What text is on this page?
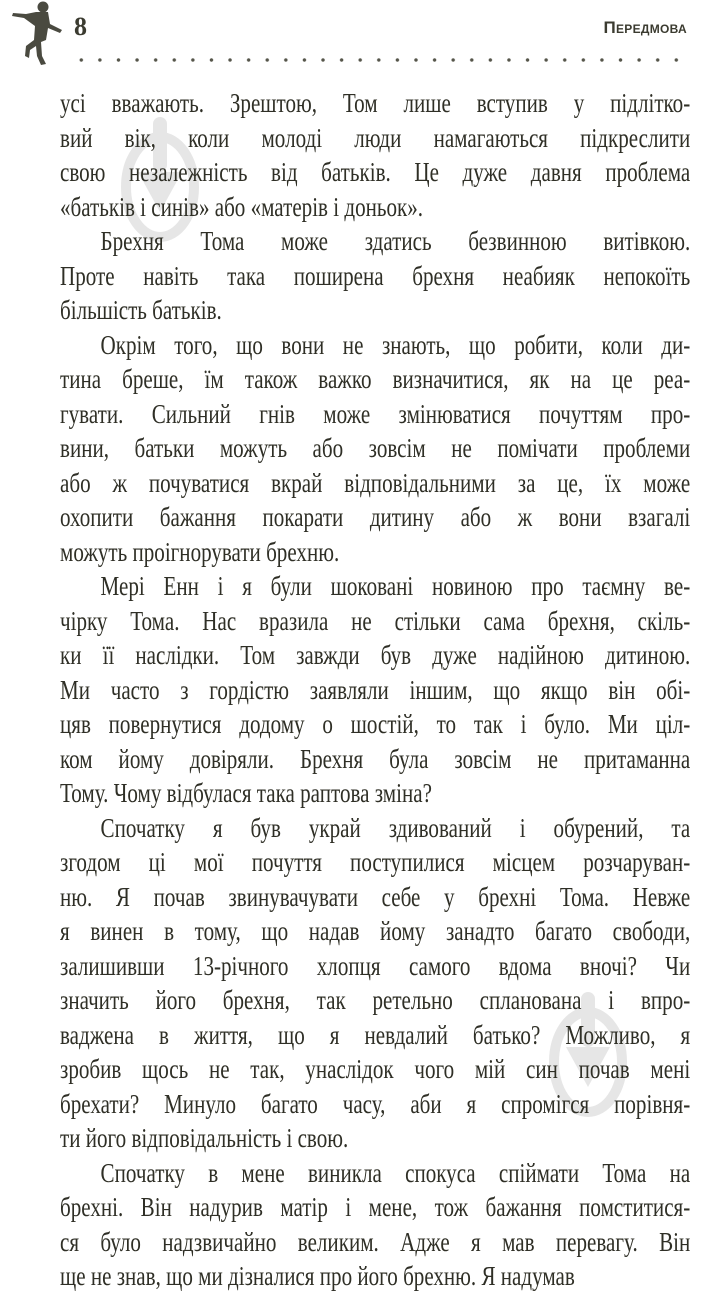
8	Передмова
усі вважають. Зрештою, Том лише вступив у підлітко-
вий вік, коли молоді люди намагаються підкреслити
свою незалежність від батьків. Це дуже давня проблема
«батьків і синів» або «матерів і доньок».
Брехня Тома може здатись безвинною витівкою.
Проте навіть така поширена брехня неабияк непокоїть
більшість батьків.
Окрім того, що вони не знають, що робити, коли ди-
тина бреше, їм також важко визначитися, як на це реа-
гувати. Сильний гнів може змінюватися почуттям про-
вини, батьки можуть або зовсім не помічати проблеми
або ж почуватися вкрай відповідальними за це, їх може
охопити бажання покарати дитину або ж вони взагалі
можуть проігнорувати брехню.
Мері Енн і я були шоковані новиною про таємну ве-
чірку Тома. Нас вразила не стільки сама брехня, скіль-
ки її наслідки. Том завжди був дуже надійною дитиною.
Ми часто з гордістю заявляли іншим, що якщо він обі-
цяв повернутися додому о шостій, то так і було. Ми ціл-
ком йому довіряли. Брехня була зовсім не притаманна
Тому. Чому відбулася така раптова зміна?
Спочатку я був украй здивований і обурений, та
згодом ці мої почуття поступилися місцем розчаруван-
ню. Я почав звинувачувати себе у брехні Тома. Невже
я винен в тому, що надав йому занадто багато свободи,
залишивши 13-річного хлопця самого вдома вночі? Чи
значить його брехня, так ретельно спланована і впро-
ваджена в життя, що я невдалий батько? Можливо, я
зробив щось не так, унаслідок чого мій син почав мені
брехати? Минуло багато часу, аби я спромігся порівня-
ти його відповідальність і свою.
Спочатку в мене виникла спокуса спіймати Тома на
брехні. Він надурив матір і мене, тож бажання помститися-
ся було надзвичайно великим. Адже я мав перевагу. Він
ще не знав, що ми дізналися про його брехню. Я надумав
